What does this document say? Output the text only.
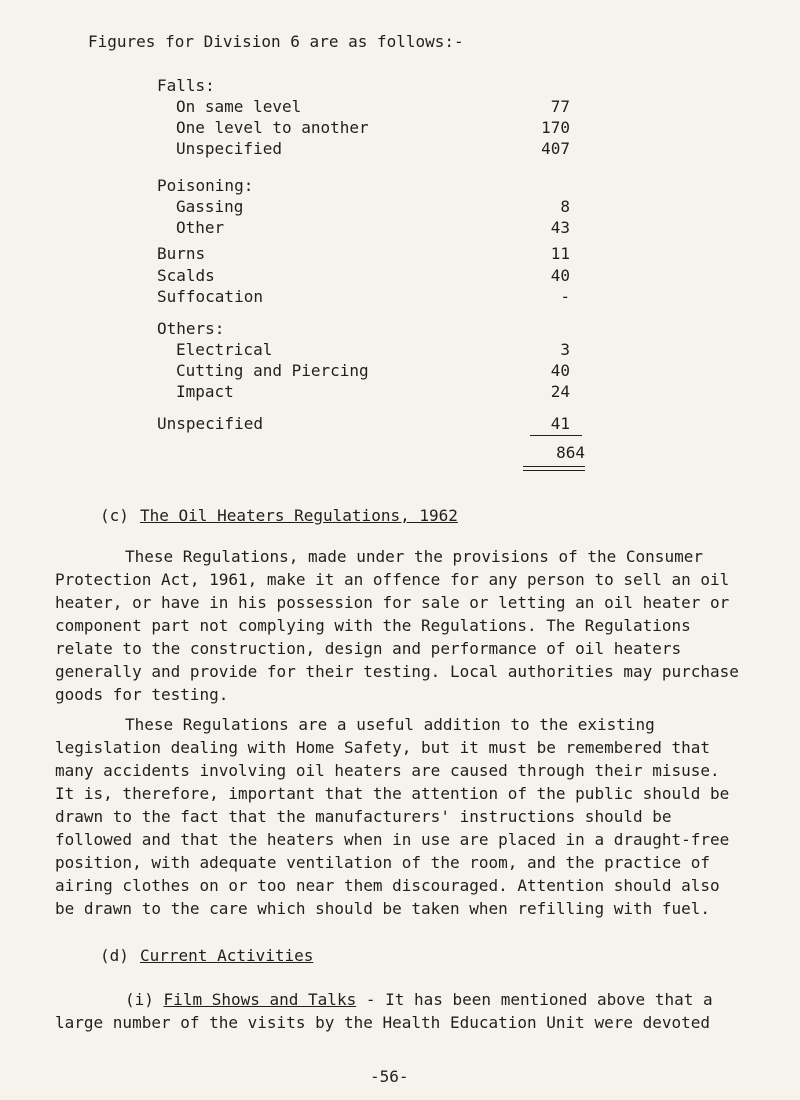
Figures for Division 6 are as follows:-
Falls:
On same level	77
One level to another	170
Unspecified	407
Poisoning:
Gassing	8
Other	43
Burns	11
Scalds	40
Suffocation	-
Others:
Electrical	3
Cutting and Piercing	40
Impact	24
Unspecified	41
864
(c) The Oil Heaters Regulations, 1962
These Regulations, made under the provisions of the Consumer Protection Act, 1961, make it an offence for any person to sell an oil heater, or have in his possession for sale or letting an oil heater or component part not complying with the Regulations. The Regulations relate to the construction, design and performance of oil heaters generally and provide for their testing. Local authorities may purchase goods for testing.
These Regulations are a useful addition to the existing legislation dealing with Home Safety, but it must be remembered that many accidents involving oil heaters are caused through their misuse. It is, therefore, important that the attention of the public should be drawn to the fact that the manufacturers' instructions should be followed and that the heaters when in use are placed in a draught-free position, with adequate ventilation of the room, and the practice of airing clothes on or too near them discouraged. Attention should also be drawn to the care which should be taken when refilling with fuel.
(d) Current Activities
(i) Film Shows and Talks - It has been mentioned above that a large number of the visits by the Health Education Unit were devoted
-56-
